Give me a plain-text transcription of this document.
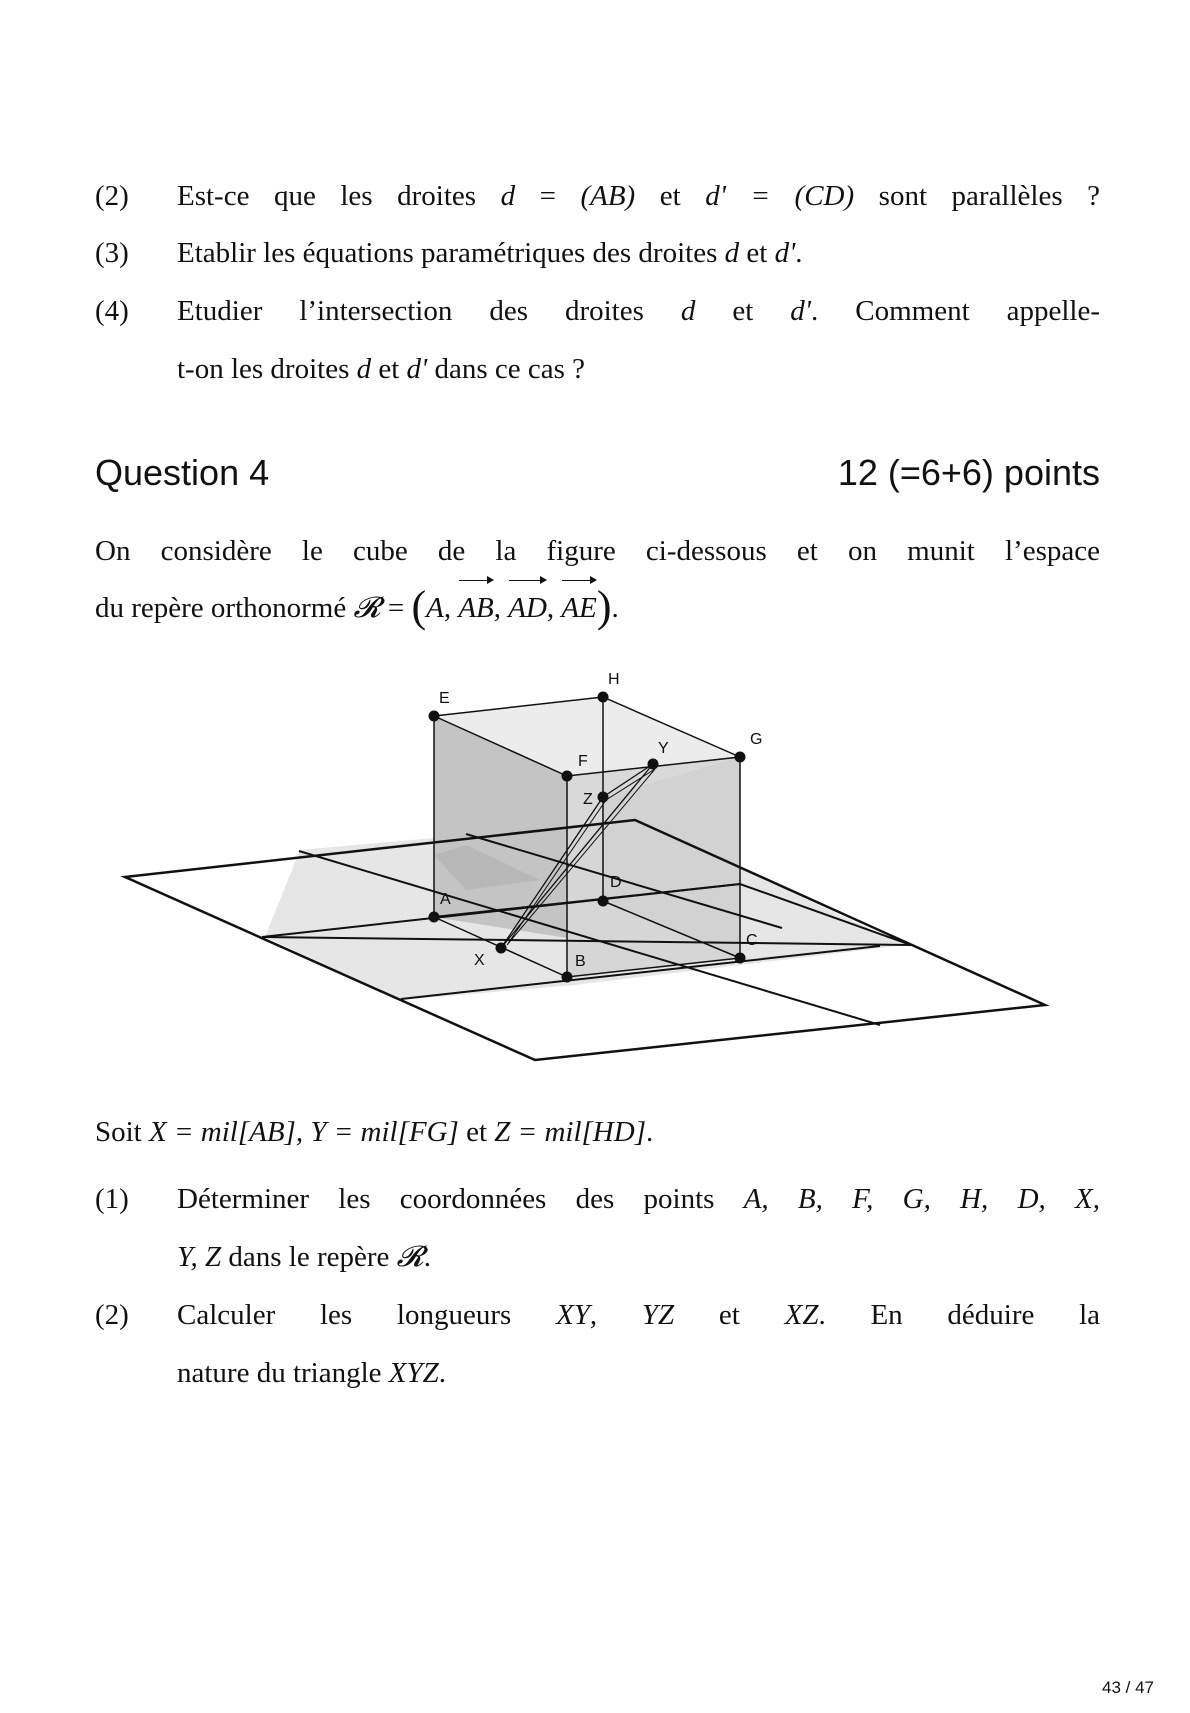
(2)	Est-ce que les droites d = (AB) et d' = (CD) sont parallèles ?
(3)	Etablir les équations paramétriques des droites d et d'.
(4)	Etudier l’intersection des droites d et d'. Comment appelle-
t-on les droites d et d' dans ce cas ?
Question 4	12 (=6+6) points
On considère le cube de la figure ci-dessous et on munit l’espace
du repère orthonormé 𝓡 = (A, AB, AD, AE).
E
H
F
Y
G
Z
A
D
C
X	B
Soit X = mil[AB], Y = mil[FG] et Z = mil[HD].
(1)	Déterminer les coordonnées des points A, B, F, G, H, D, X,
Y, Z dans le repère 𝓡.
(2)	Calculer les longueurs XY, YZ et XZ. En déduire la
nature du triangle XYZ.
43 / 47
